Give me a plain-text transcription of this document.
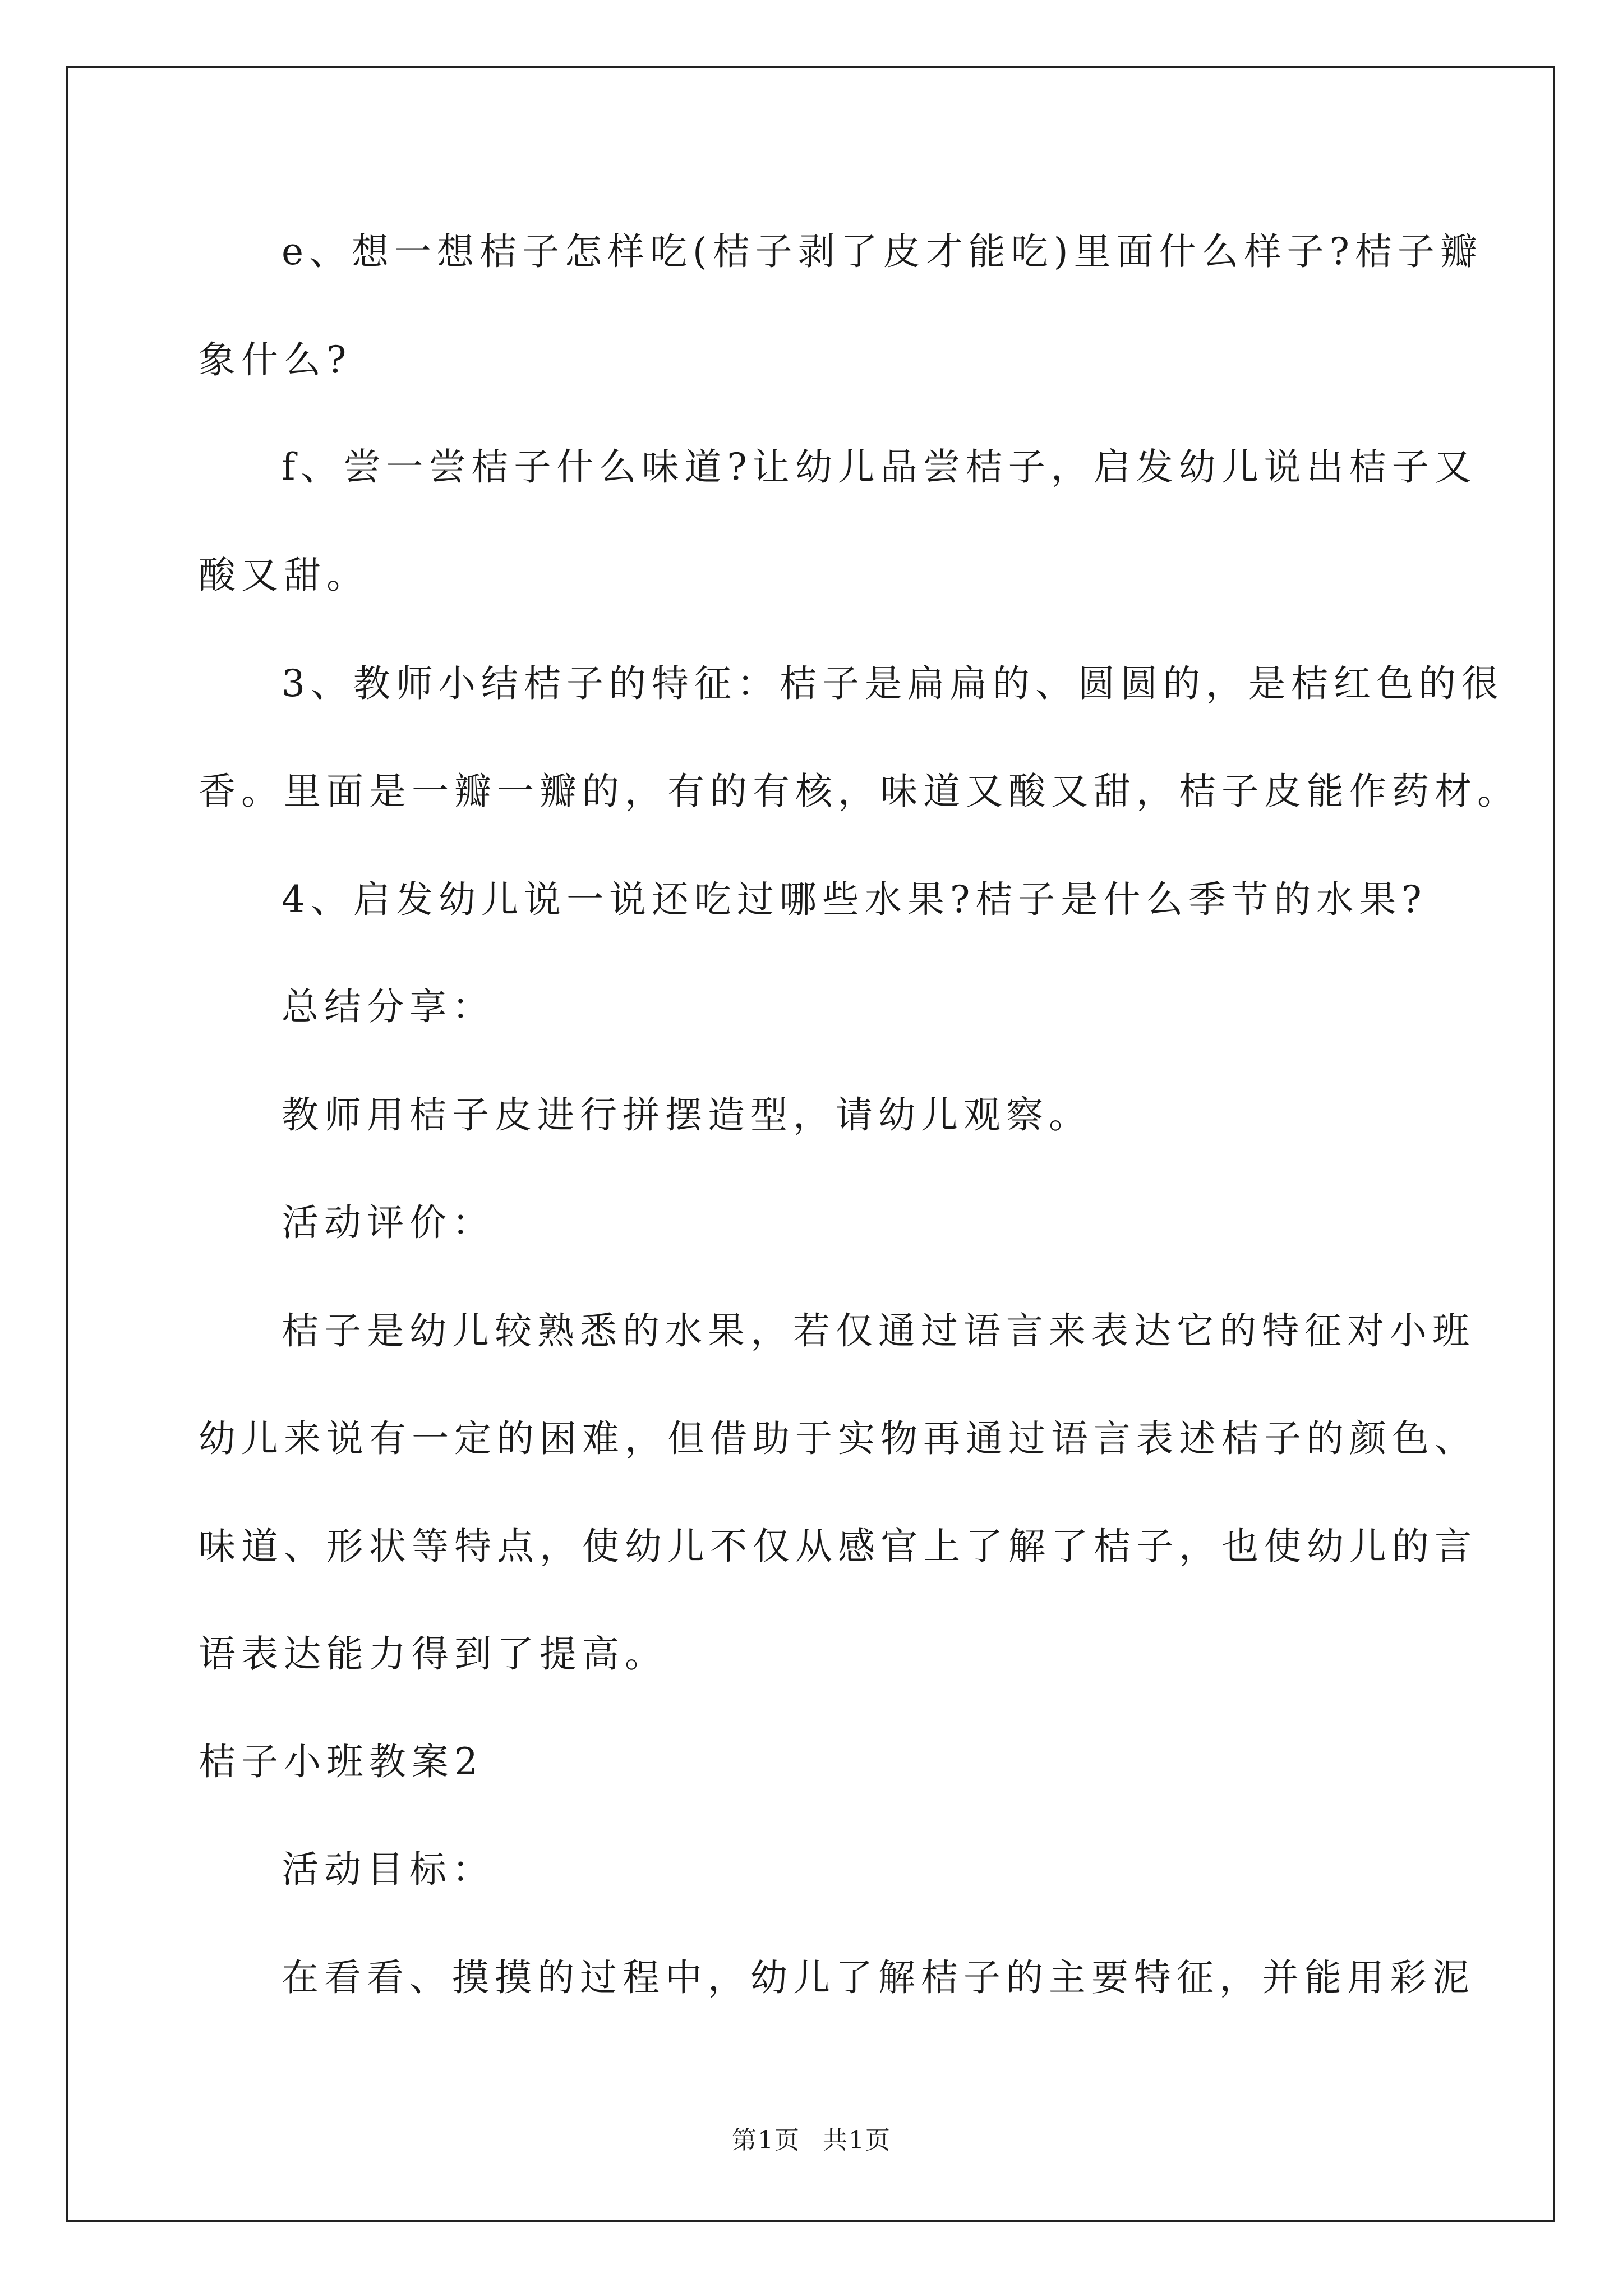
e、想一想桔子怎样吃(桔子剥了皮才能吃)里面什么样子?桔子瓣
象什么?
f、尝一尝桔子什么味道?让幼儿品尝桔子，启发幼儿说出桔子又
酸又甜。
3、教师小结桔子的特征：桔子是扁扁的、圆圆的，是桔红色的很
香。里面是一瓣一瓣的，有的有核，味道又酸又甜，桔子皮能作药材。
4、启发幼儿说一说还吃过哪些水果?桔子是什么季节的水果?
总结分享：
教师用桔子皮进行拼摆造型，请幼儿观察。
活动评价：
桔子是幼儿较熟悉的水果，若仅通过语言来表达它的特征对小班
幼儿来说有一定的困难，但借助于实物再通过语言表述桔子的颜色、
味道、形状等特点，使幼儿不仅从感官上了解了桔子，也使幼儿的言
语表达能力得到了提高。
桔子小班教案2
活动目标：
在看看、摸摸的过程中，幼儿了解桔子的主要特征，并能用彩泥
第1页 共1页
